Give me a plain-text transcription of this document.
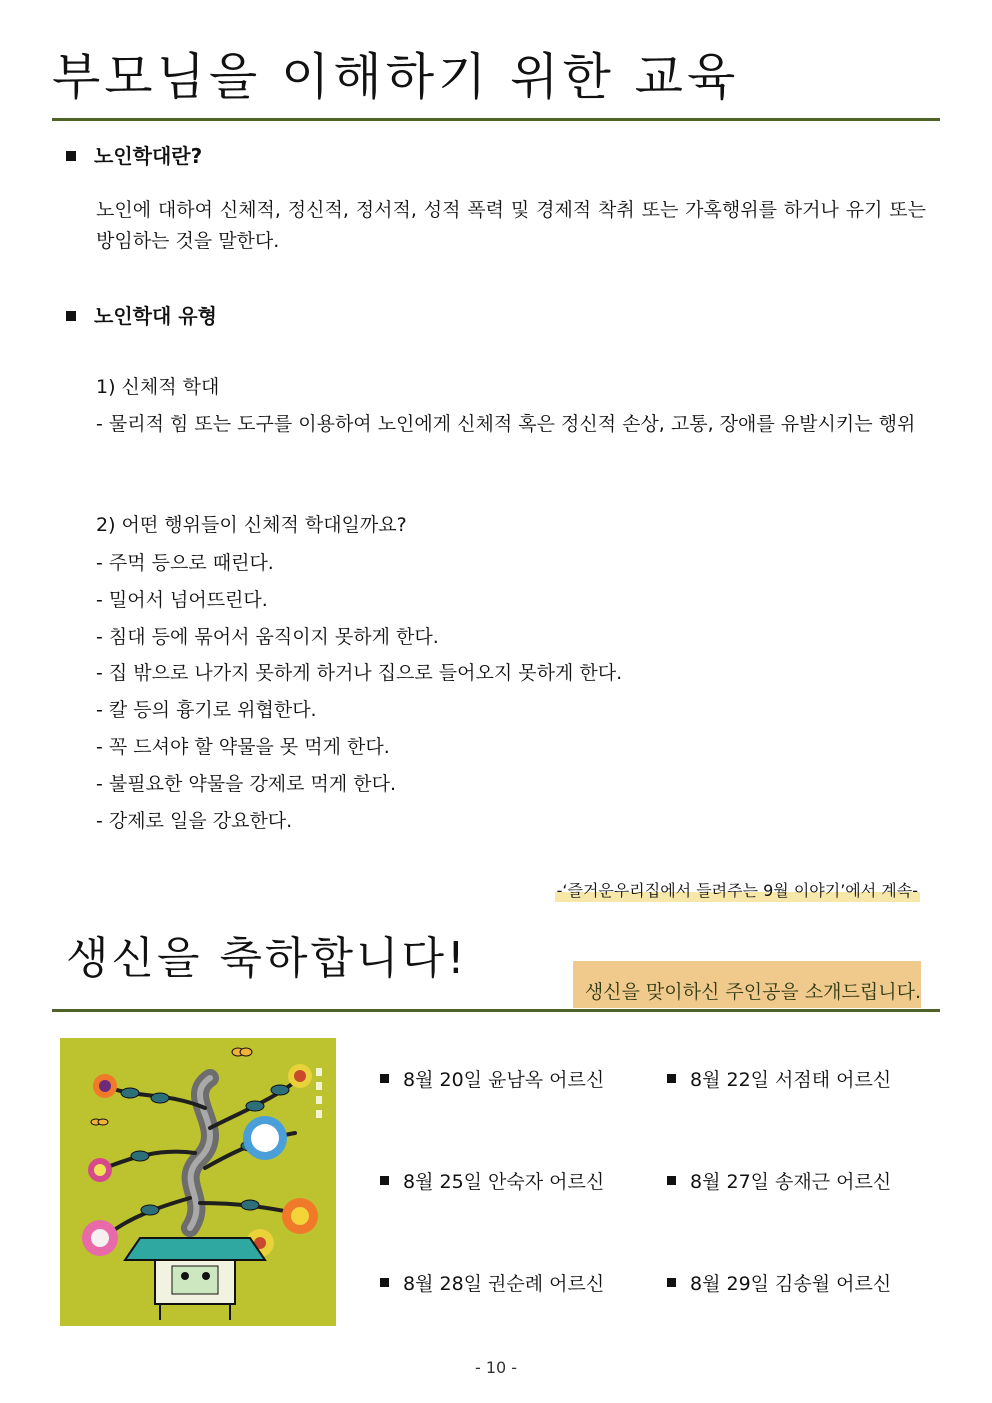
부모님을 이해하기 위한 교육
노인학대란?
노인에 대하여 신체적, 정신적, 정서적, 성적 폭력 및 경제적 착취 또는 가혹행위를 하거나 유기 또는 방임하는 것을 말한다.
노인학대 유형
1) 신체적 학대
- 물리적 힘 또는 도구를 이용하여 노인에게 신체적 혹은 정신적 손상, 고통, 장애를 유발시키는 행위
2) 어떤 행위들이 신체적 학대일까요?
- 주먹 등으로 때린다.
- 밀어서 넘어뜨린다.
- 침대 등에 묶어서 움직이지 못하게 한다.
- 집 밖으로 나가지 못하게 하거나 집으로 들어오지 못하게 한다.
- 칼 등의 흉기로 위협한다.
- 꼭 드셔야 할 약물을 못 먹게 한다.
- 불필요한 약물을 강제로 먹게 한다.
- 강제로 일을 강요한다.
-‘즐거운우리집에서 들려주는 9월 이야기’에서 계속-
생신을 축하합니다!
생신을 맞이하신 주인공을 소개드립니다.
8월 20일 윤남옥 어르신	8월 22일 서점태 어르신
8월 25일 안숙자 어르신	8월 27일 송재근 어르신
8월 28일 권순례 어르신	8월 29일 김송월 어르신
- 10 -
